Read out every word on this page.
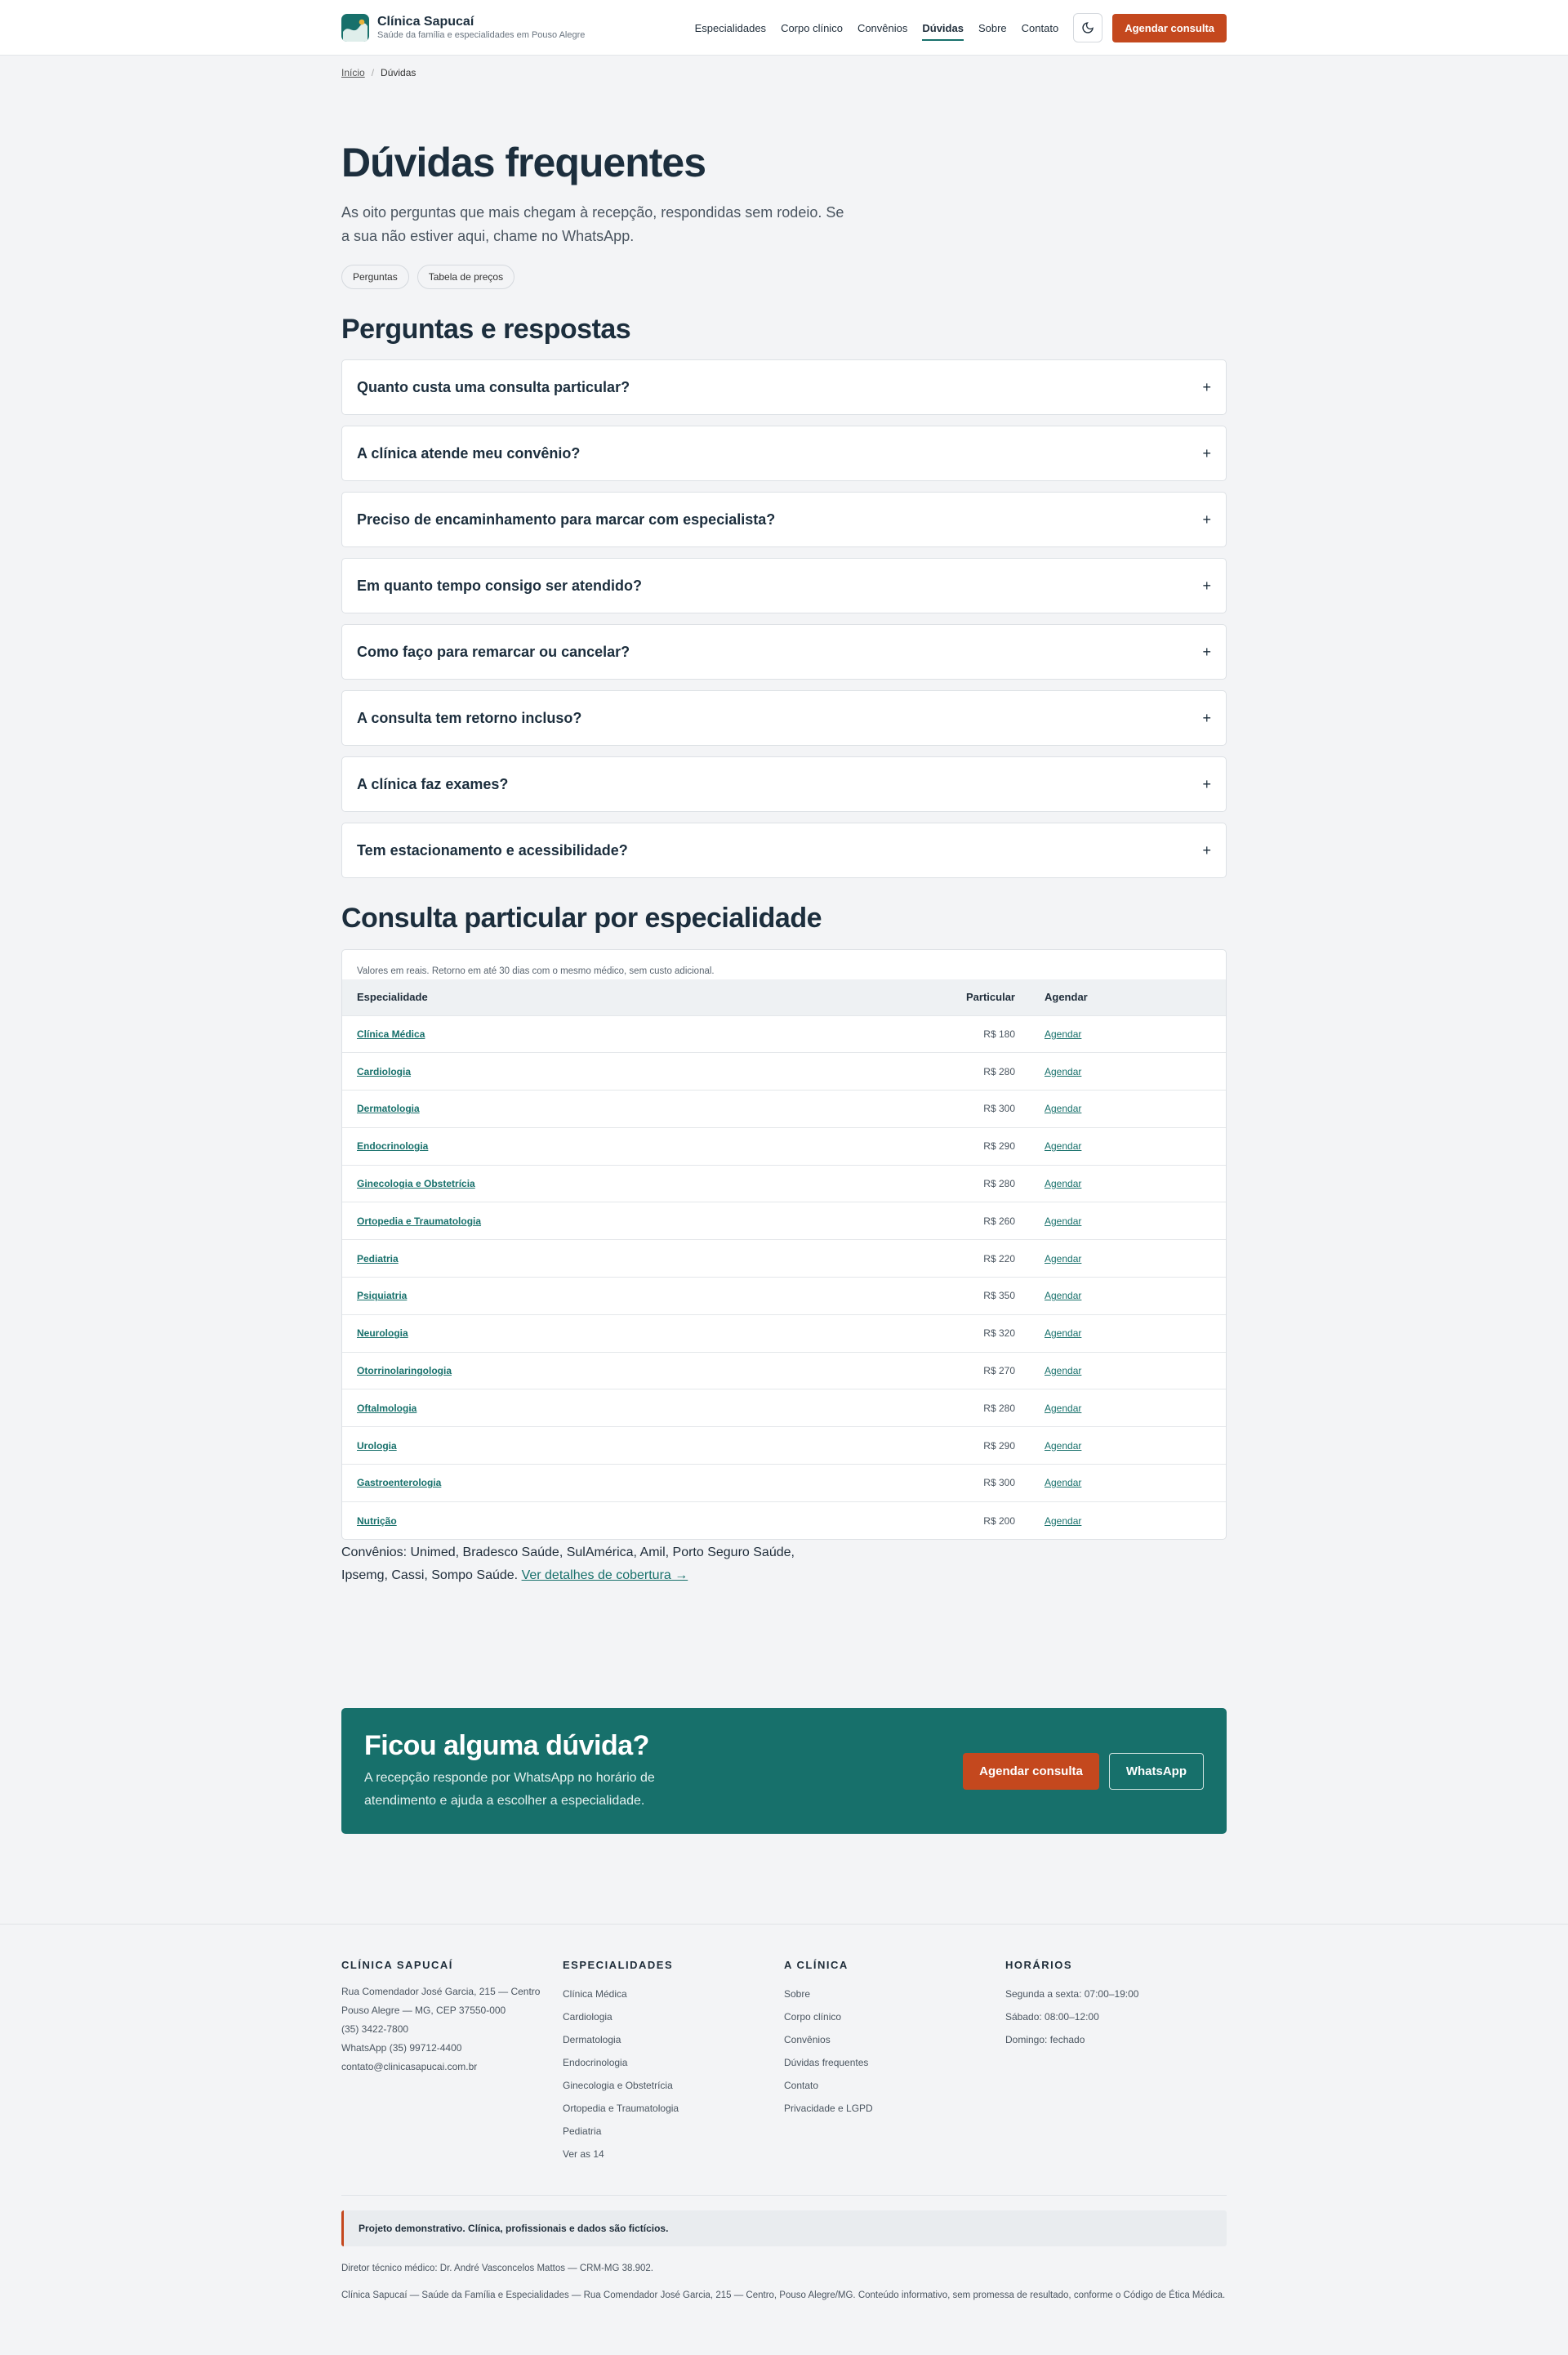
Clínica Sapucaí
Saúde da família e especialidades em Pouso Alegre
Especialidades Corpo clínico Convênios Dúvidas Sobre Contato	Agendar consulta
Início / Dúvidas
Dúvidas frequentes

As oito perguntas que mais chegam à recepção, respondidas sem rodeio. Se a sua não estiver aqui, chame no WhatsApp.

Perguntas	Tabela de preços
Perguntas e respostas
Quanto custa uma consulta particular?	+
A clínica atende meu convênio?	+
Preciso de encaminhamento para marcar com especialista?	+
Em quanto tempo consigo ser atendido?	+
Como faço para remarcar ou cancelar?	+
A consulta tem retorno incluso?	+
A clínica faz exames?	+
Tem estacionamento e acessibilidade?	+
Consulta particular por especialidade
Valores em reais. Retorno em até 30 dias com o mesmo médico, sem custo adicional.
Especialidade	Particular	Agendar
Clínica Médica	R$ 180	Agendar
Cardiologia	R$ 280	Agendar
Dermatologia	R$ 300	Agendar
Endocrinologia	R$ 290	Agendar
Ginecologia e Obstetrícia	R$ 280	Agendar
Ortopedia e Traumatologia	R$ 260	Agendar
Pediatria	R$ 220	Agendar
Psiquiatria	R$ 350	Agendar
Neurologia	R$ 320	Agendar
Otorrinolaringologia	R$ 270	Agendar
Oftalmologia	R$ 280	Agendar
Urologia	R$ 290	Agendar
Gastroenterologia	R$ 300	Agendar
Nutrição	R$ 200	Agendar

Convênios: Unimed, Bradesco Saúde, SulAmérica, Amil, Porto Seguro Saúde, Ipsemg, Cassi, Sompo Saúde. Ver detalhes de cobertura →

Ficou alguma dúvida?

A recepção responde por WhatsApp no horário de atendimento e ajuda a escolher a especialidade.

Agendar consulta	WhatsApp
CLÍNICA SAPUCAÍ
Rua Comendador José Garcia, 215 — Centro
Pouso Alegre — MG, CEP 37550-000
(35) 3422-7800
WhatsApp (35) 99712-4400
contato@clinicasapucai.com.br
ESPECIALIDADES
Clínica Médica
Cardiologia
Dermatologia
Endocrinologia
Ginecologia e Obstetrícia
Ortopedia e Traumatologia
Pediatria
Ver as 14
A CLÍNICA
Sobre
Corpo clínico
Convênios
Dúvidas frequentes
Contato
Privacidade e LGPD
HORÁRIOS
Segunda a sexta: 07:00–19:00
Sábado: 08:00–12:00
Domingo: fechado
Projeto demonstrativo. Clínica, profissionais e dados são fictícios.

Diretor técnico médico: Dr. André Vasconcelos Mattos — CRM-MG 38.902.

Clínica Sapucaí — Saúde da Família e Especialidades — Rua Comendador José Garcia, 215 — Centro, Pouso Alegre/MG. Conteúdo informativo, sem promessa de resultado, conforme o Código de Ética Médica.
